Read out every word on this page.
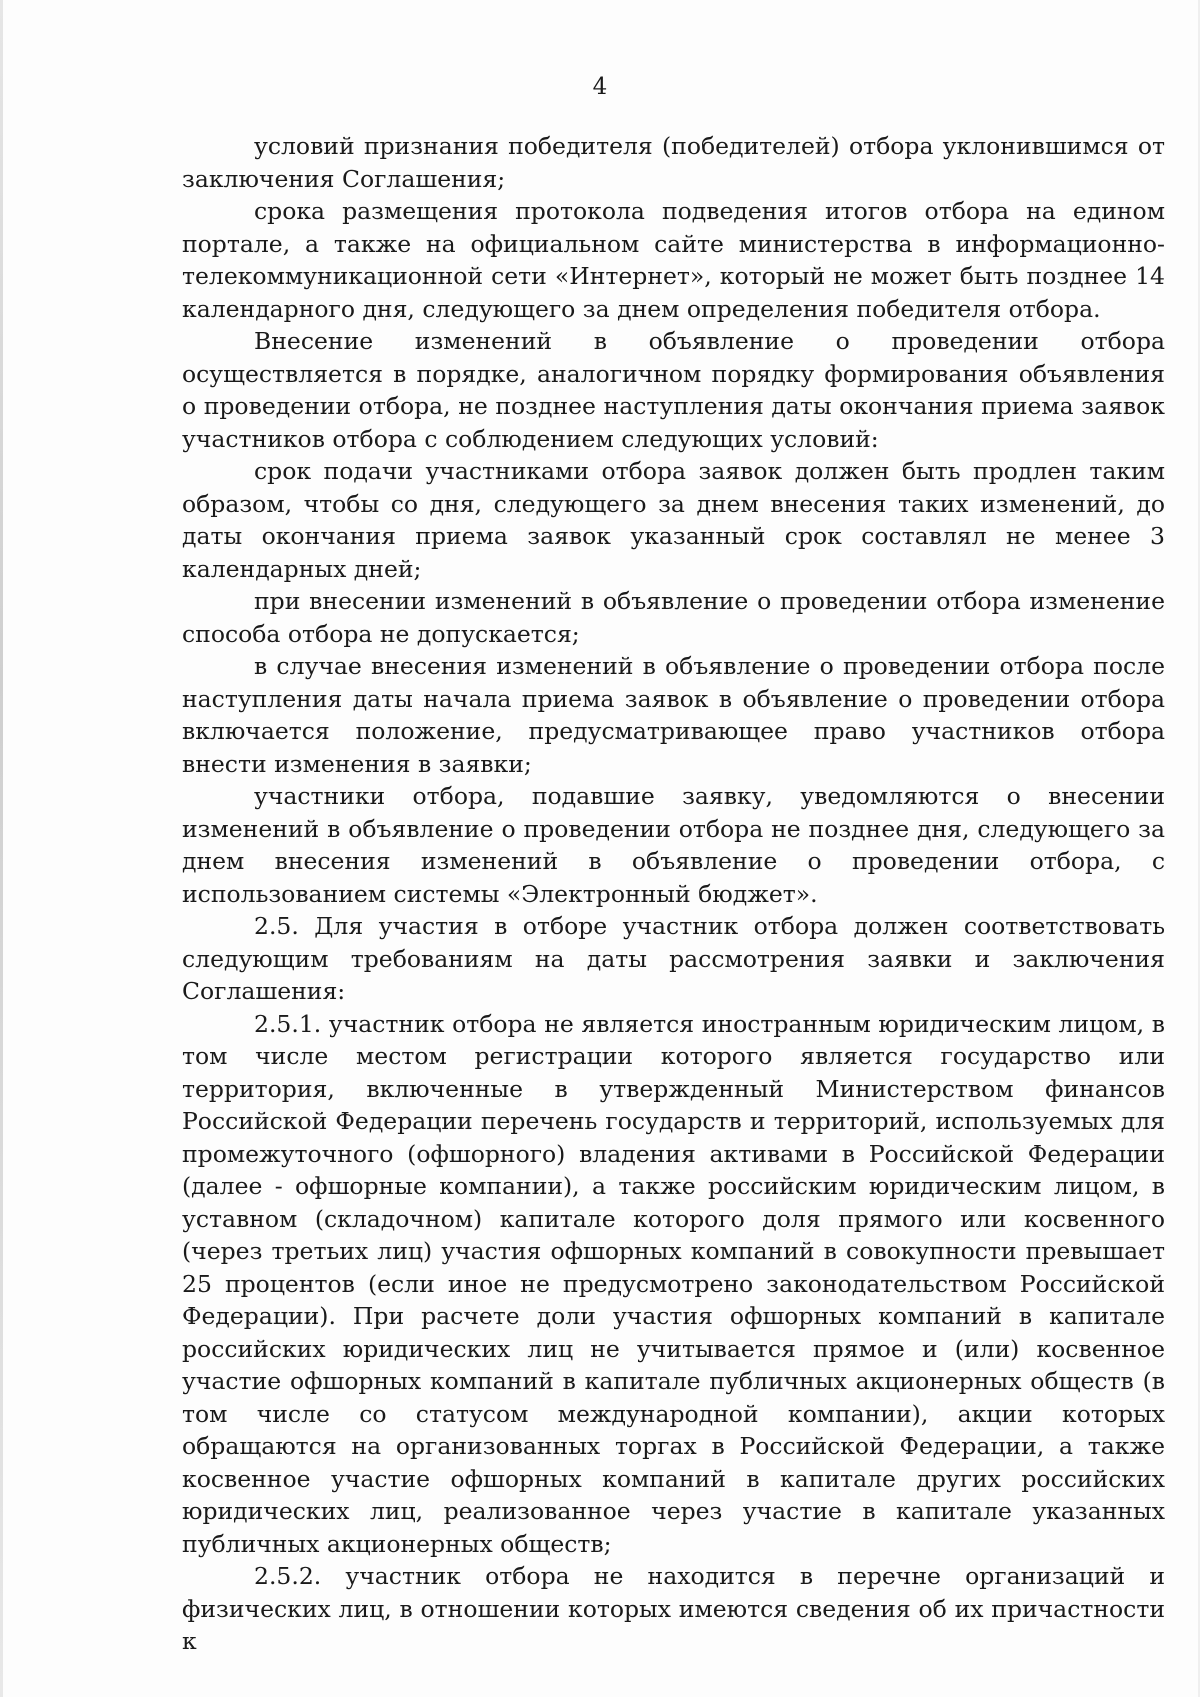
4

условий признания победителя (победителей) отбора уклонившимся от заключения Соглашения;

срока размещения протокола подведения итогов отбора на едином портале, а также на официальном сайте министерства в информационно-телекоммуникационной сети «Интернет», который не может быть позднее 14 календарного дня, следующего за днем определения победителя отбора.

Внесение изменений в объявление о проведении отбора осуществляется в порядке, аналогичном порядку формирования объявления о проведении отбора, не позднее наступления даты окончания приема заявок участников отбора с соблюдением следующих условий:

срок подачи участниками отбора заявок должен быть продлен таким образом, чтобы со дня, следующего за днем внесения таких изменений, до даты окончания приема заявок указанный срок составлял не менее 3 календарных дней;

при внесении изменений в объявление о проведении отбора изменение способа отбора не допускается;

в случае внесения изменений в объявление о проведении отбора после наступления даты начала приема заявок в объявление о проведении отбора включается положение, предусматривающее право участников отбора внести изменения в заявки;

участники отбора, подавшие заявку, уведомляются о внесении изменений в объявление о проведении отбора не позднее дня, следующего за днем внесения изменений в объявление о проведении отбора, с использованием системы «Электронный бюджет».

2.5. Для участия в отборе участник отбора должен соответствовать следующим требованиям на даты рассмотрения заявки и заключения Соглашения:

2.5.1. участник отбора не является иностранным юридическим лицом, в том числе местом регистрации которого является государство или территория, включенные в утвержденный Министерством финансов Российской Федерации перечень государств и территорий, используемых для промежуточного (офшорного) владения активами в Российской Федерации (далее - офшорные компании), а также российским юридическим лицом, в уставном (складочном) капитале которого доля прямого или косвенного (через третьих лиц) участия офшорных компаний в совокупности превышает 25 процентов (если иное не предусмотрено законодательством Российской Федерации). При расчете доли участия офшорных компаний в капитале российских юридических лиц не учитывается прямое и (или) косвенное участие офшорных компаний в капитале публичных акционерных обществ (в том числе со статусом международной компании), акции которых обращаются на организованных торгах в Российской Федерации, а также косвенное участие офшорных компаний в капитале других российских юридических лиц, реализованное через участие в капитале указанных публичных акционерных обществ;

2.5.2. участник отбора не находится в перечне организаций и физических лиц, в отношении которых имеются сведения об их причастности к
